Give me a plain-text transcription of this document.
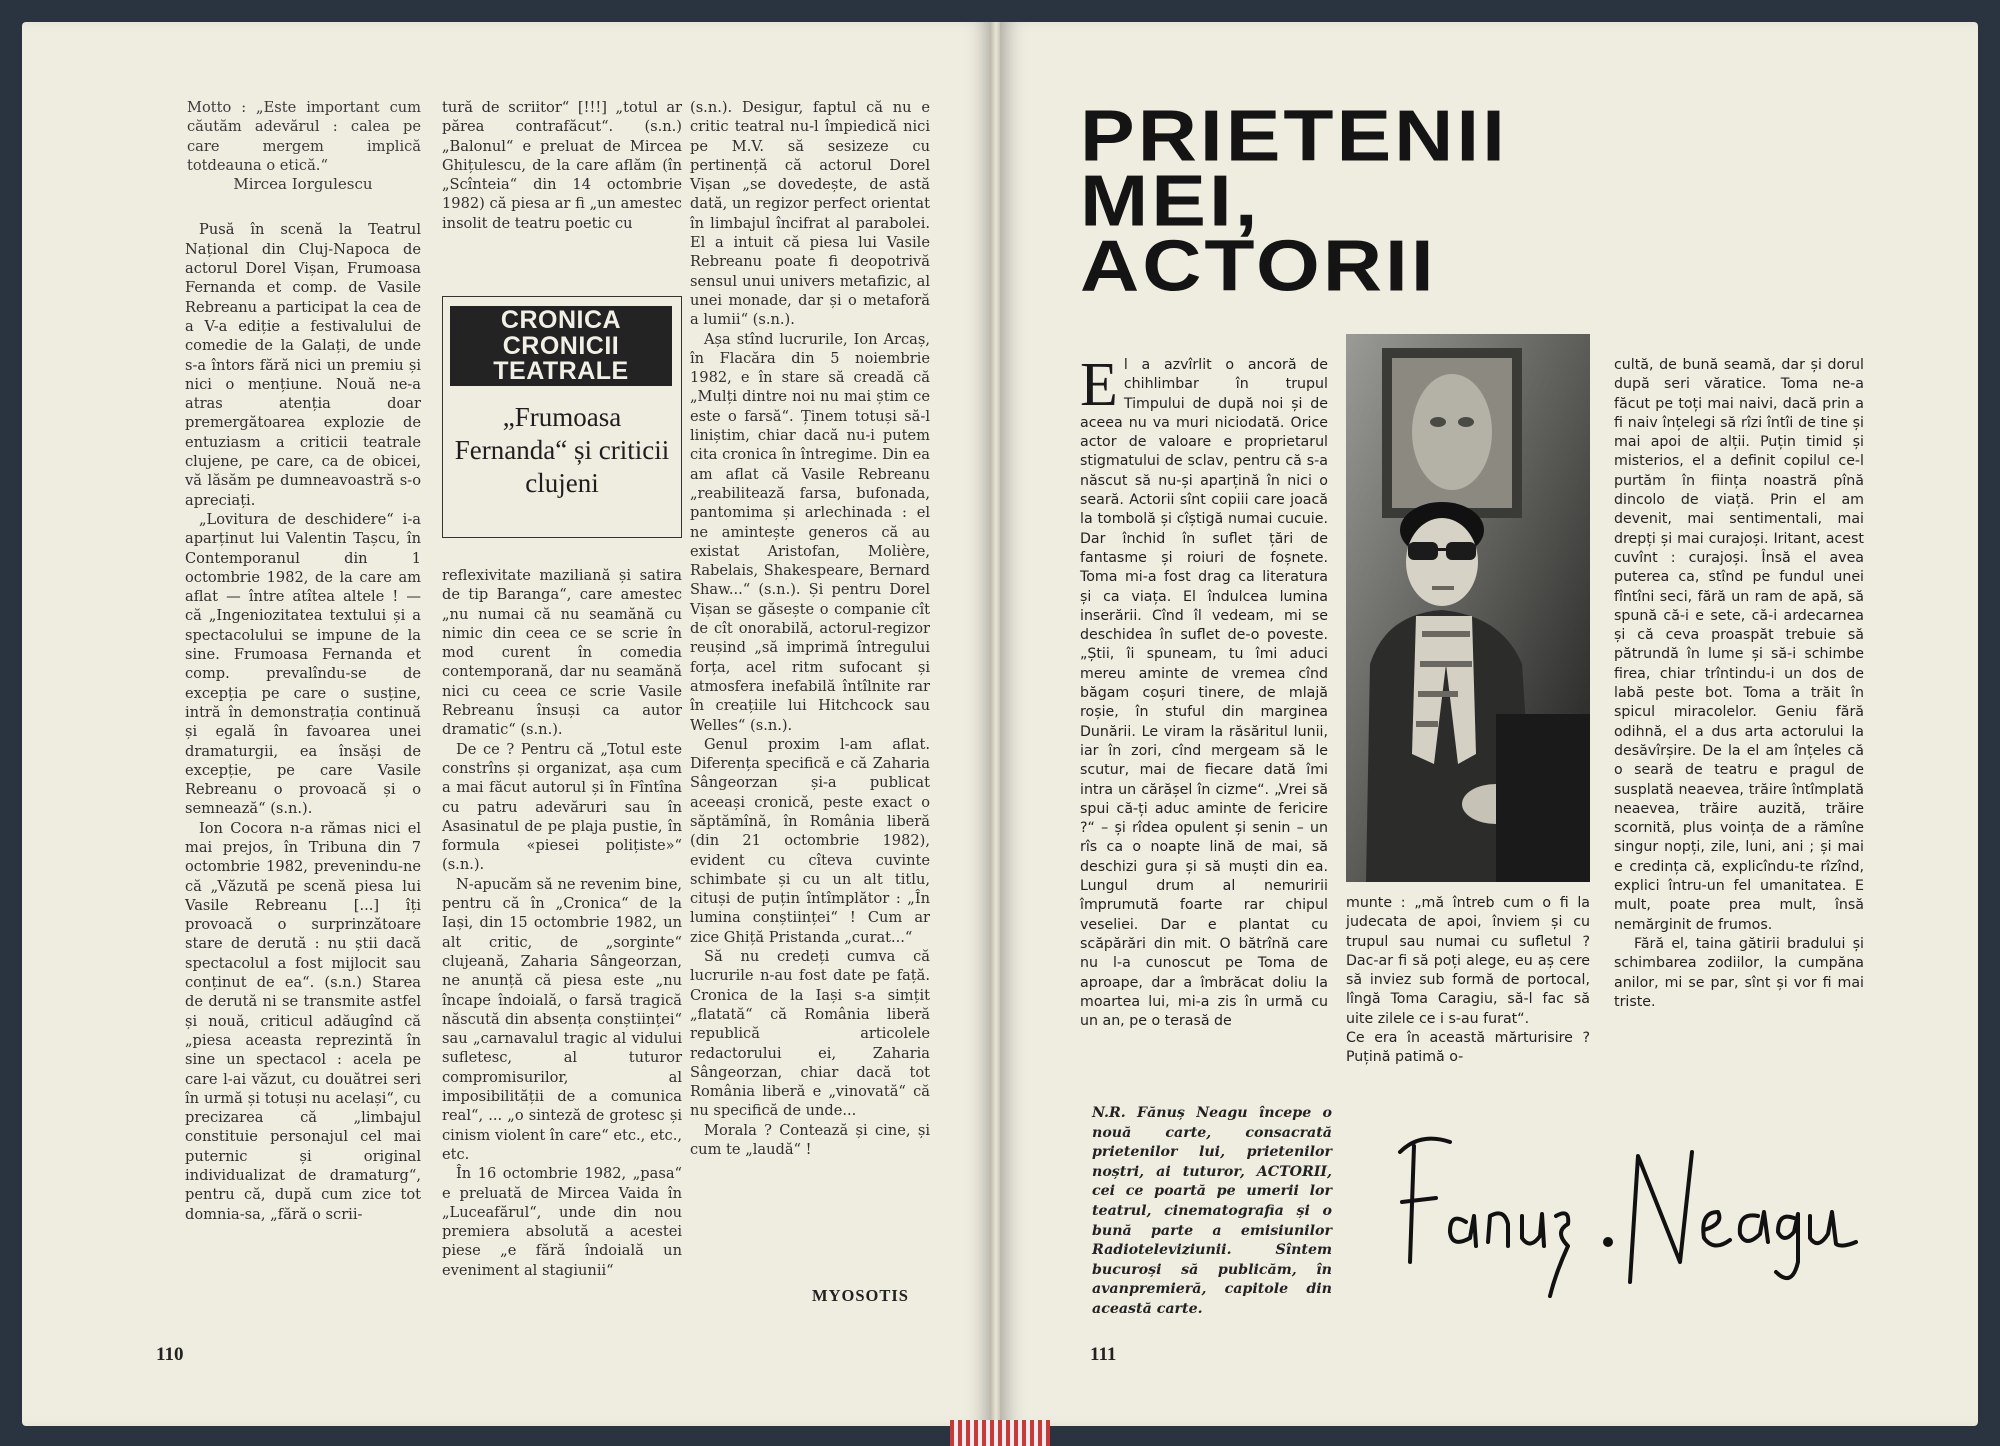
Motto : „Este important cum căutăm adevărul : calea pe care mergem implică totdeauna o etică.“

Mircea Iorgulescu

Pusă în scenă la Teatrul Național din Cluj-Napoca de actorul Dorel Vișan, Frumoasa Fernanda et comp. de Vasile Rebreanu a participat la cea de a V-a ediție a festivalului de comedie de la Galați, de unde s-a întors fără nici un premiu și nici o mențiune. Nouă ne-a atras atenția doar premergătoarea explozie de entuziasm a criticii teatrale clujene, pe care, ca de obicei, vă lăsăm pe dumneavoastră s-o apreciați.

„Lovitura de deschidere“ i-a aparținut lui Valentin Tașcu, în Contemporanul din 1 octombrie 1982, de la care am aflat — între atîtea altele ! — că „Ingeniozitatea textului și a spectacolului se impune de la sine. Frumoasa Fernanda et comp. prevalîndu-se de excepția pe care o susține, intră în demonstrația continuă și egală în favoarea unei dramaturgii, ea însăși de excepție, pe care Vasile Rebreanu o provoacă și o semnează“ (s.n.).

Ion Cocora n-a rămas nici el mai prejos, în Tribuna din 7 octombrie 1982, prevenindu-ne că „Văzută pe scenă piesa lui Vasile Rebreanu [...] îți provoacă o surprinzătoare stare de derută : nu știi dacă spectacolul a fost mijlocit sau conținut de ea“. (s.n.) Starea de derută ni se transmite astfel și nouă, criticul adăugînd că „piesa aceasta reprezintă în sine un spectacol : acela pe care l-ai văzut, cu douătrei seri în urmă și totuși nu același“, cu precizarea că „limbajul constituie personajul cel mai puternic și original individualizat de dramaturg“, pentru că, după cum zice tot domnia-sa, „fără o scrii-

tură de scriitor“ [!!!] „totul ar părea contrafăcut“. (s.n.) „Balonul“ e preluat de Mircea Ghițulescu, de la care aflăm (în „Scînteia“ din 14 octombrie 1982) că piesa ar fi „un amestec insolit de teatru poetic cu

CRONICA
CRONICII
TEATRALE
„Frumoasa Fernanda“ și criticii clujeni

reflexivitate maziliană și satira de tip Baranga“, care amestec „nu numai că nu seamănă cu nimic din ceea ce se scrie în mod curent în comedia contemporană, dar nu seamănă nici cu ceea ce scrie Vasile Rebreanu însuși ca autor dramatic“ (s.n.).

De ce ? Pentru că „Totul este constrîns și organizat, așa cum a mai făcut autorul și în Fîntîna cu patru adevăruri sau în Asasinatul de pe plaja pustie, în formula «piesei polițiste»“ (s.n.).

N-apucăm să ne revenim bine, pentru că în „Cronica“ de la Iași, din 15 octombrie 1982, un alt critic, de „sorginte“ clujeană, Zaharia Sângeorzan, ne anunță că piesa este „nu încape îndoială, o farsă tragică născută din absența conștiinței“ sau „carnavalul tragic al vidului sufletesc, al tuturor compromisurilor, al imposibilității de a comunica real“, ... „o sinteză de grotesc și cinism violent în care“ etc., etc., etc.

În 16 octombrie 1982, „pasa“ e preluată de Mircea Vaida în „Luceafărul“, unde din nou premiera absolută a acestei piese „e fără îndoială un eveniment al stagiunii“

(s.n.). Desigur, faptul că nu e critic teatral nu-l împiedică nici pe M.V. să sesizeze cu pertinență că actorul Dorel Vișan „se dovedește, de astă dată, un regizor perfect orientat în limbajul încifrat al parabolei. El a intuit că piesa lui Vasile Rebreanu poate fi deopotrivă sensul unui univers metafizic, al unei monade, dar și o metaforă a lumii“ (s.n.).

Așa stînd lucrurile, Ion Arcaș, în Flacăra din 5 noiembrie 1982, e în stare să creadă că „Mulți dintre noi nu mai știm ce este o farsă“. Ținem totuși să-l liniștim, chiar dacă nu-i putem cita cronica în întregime. Din ea am aflat că Vasile Rebreanu „reabilitează farsa, bufonada, pantomima și arlechinada : el ne amintește generos că au existat Aristofan, Molière, Rabelais, Shakespeare, Bernard Shaw...“ (s.n.). Și pentru Dorel Vișan se găsește o companie cît de cît onorabilă, actorul-regizor reușind „să imprimă întregului forța, acel ritm sufocant și atmosfera inefabilă întîlnite rar în creațiile lui Hitchcock sau Welles“ (s.n.).

Genul proxim l-am aflat. Diferența specifică e că Zaharia Sângeorzan și-a publicat aceeași cronică, peste exact o săptămînă, în România liberă (din 21 octombrie 1982), evident cu cîteva cuvinte schimbate și cu un alt titlu, cituși de puțin întîmplător : „În lumina conștiinței“ ! Cum ar zice Ghiță Pristanda „curat...“

Să nu credeți cumva că lucrurile n-au fost date pe față. Cronica de la Iași s-a simțit „flatată“ că România liberă republică articolele redactorului ei, Zaharia Sângeorzan, chiar dacă tot România liberă e „vinovată“ că nu specifică de unde...

Morala ? Contează și cine, și cum te „laudă“ !

MYOSOTIS
110
PRIETENII
MEI,
ACTORII

El a azvîrlit o ancoră de chihlimbar în trupul Timpului de după noi și de aceea nu va muri niciodată. Orice actor de valoare e proprietarul stigmatului de sclav, pentru că s-a născut să nu-și aparțină în nici o seară. Actorii sînt copiii care joacă la tombolă și cîștigă numai cucuie. Dar închid în suflet țări de fantasme și roiuri de foșnete. Toma mi-a fost drag ca literatura și ca viața. El îndulcea lumina inserării. Cînd îl vedeam, mi se deschidea în suflet de-o poveste. „Știi, îi spuneam, tu îmi aduci mereu aminte de vremea cînd băgam coșuri tinere, de mlajă roșie, în stuful din marginea Dunării. Le viram la răsăritul lunii, iar în zori, cînd mergeam să le scutur, mai de fiecare dată îmi intra un cărășel în cizme“. „Vrei să spui că-ți aduc aminte de fericire ?“ – și rîdea opulent și senin – un rîs ca o noapte lină de mai, să deschizi gura și să muști din ea. Lungul drum al nemuririi împrumută foarte rar chipul veseliei. Dar e plantat cu scăpărări din mit. O bătrînă care nu l-a cunoscut pe Toma de aproape, dar a îmbrăcat doliu la moartea lui, mi-a zis în urmă cu un an, pe o terasă de

munte : „mă întreb cum o fi la judecata de apoi, înviem și cu trupul sau numai cu sufletul ? Dac-ar fi să poți alege, eu aș cere să inviez sub formă de portocal, lîngă Toma Caragiu, să-l fac să uite zilele ce i s-au furat“.
Ce era în această mărturisire ? Puțină patimă o-

cultă, de bună seamă, dar și dorul după seri văratice. Toma ne-a făcut pe toți mai naivi, dacă prin a fi naiv înțelegi să rîzi întîi de tine și mai apoi de alții. Puțin timid și misterios, el a definit copilul ce-l purtăm în ființa noastră pînă dincolo de viață. Prin el am devenit, mai sentimentali, mai drepți și mai curajoși. Iritant, acest cuvînt : curajoși. Însă el avea puterea ca, stînd pe fundul unei fîntîni seci, fără un ram de apă, să spună că-i e sete, că-i ardecarnea și că ceva proaspăt trebuie să pătrundă în lume și să-i schimbe firea, chiar trîntindu-i un dos de labă peste bot. Toma a trăit în spicul miracolelor. Geniu fără odihnă, el a dus arta actorului la desăvîrșire. De la el am înțeles că o seară de teatru e pragul de susplată neaevea, trăire întîmplată neaevea, trăire auzită, trăire scornită, plus voința de a rămîne singur nopți, zile, luni, ani ; și mai e credința că, explicîndu-te rîzînd, explici întru-un fel umanitatea. E mult, poate prea mult, însă nemărginit de frumos.

Fără el, taina gătirii bradului și schimbarea zodiilor, la cumpăna anilor, mi se par, sînt și vor fi mai triste.

N.R. Fănuș Neagu începe o nouă carte, consacrată prietenilor lui, prietenilor noștri, ai tuturor, ACTORII, cei ce poartă pe umerii lor teatrul, cinematografia și o bună parte a emisiunilor Radioteleviziunii. Sîntem bucuroși să publicăm, în avanpremieră, capitole din această carte.
111
